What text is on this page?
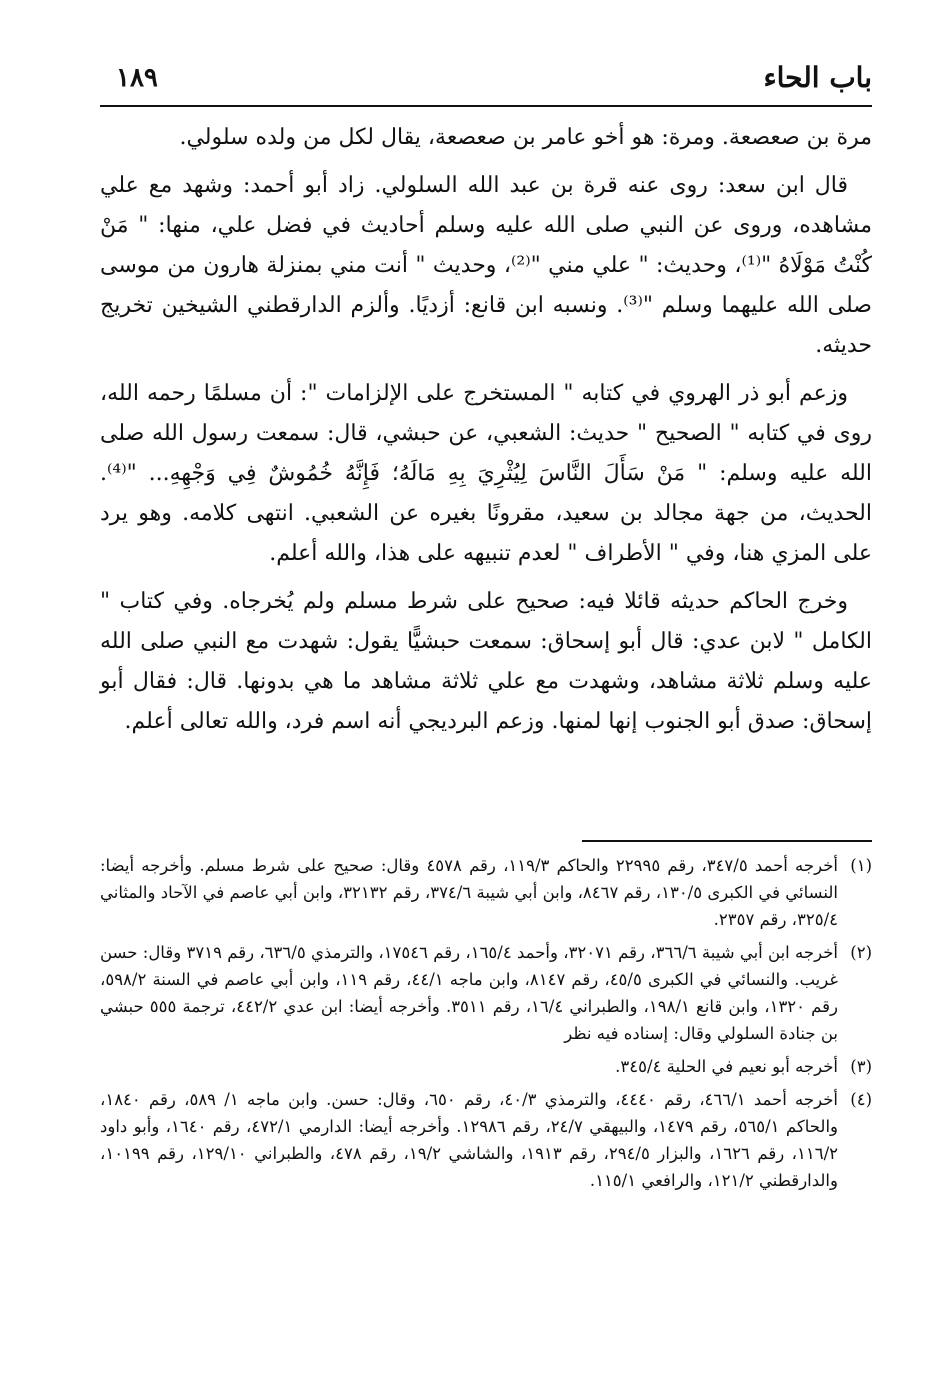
باب الحاء
١٨٩

مرة بن صعصعة. ومرة: هو أخو عامر بن صعصعة، يقال لكل من ولده سلولي.

قال ابن سعد: روى عنه قرة بن عبد الله السلولي. زاد أبو أحمد: وشهد مع علي مشاهده، وروى عن النبي صلى الله عليه وسلم أحاديث في فضل علي، منها: " مَنْ كُنْتُ مَوْلَاهُ "⁽¹⁾، وحديث: " علي مني "⁽²⁾، وحديث " أنت مني بمنزلة هارون من موسى صلى الله عليهما وسلم "⁽³⁾. ونسبه ابن قانع: أزديًا. وألزم الدارقطني الشيخين تخريج حديثه.

وزعم أبو ذر الهروي في كتابه " المستخرج على الإلزامات ": أن مسلمًا رحمه الله، روى في كتابه " الصحيح " حديث: الشعبي، عن حبشي، قال: سمعت رسول الله صلى الله عليه وسلم: " مَنْ سَأَلَ النَّاسَ لِيُثْرِيَ بِهِ مَالَهُ؛ فَإِنَّهُ خُمُوشٌ فِي وَجْهِهِ... "⁽⁴⁾. الحديث، من جهة مجالد بن سعيد، مقرونًا بغيره عن الشعبي. انتهى كلامه. وهو يرد على المزي هنا، وفي " الأطراف " لعدم تنبيهه على هذا، والله أعلم.

وخرج الحاكم حديثه قائلا فيه: صحيح على شرط مسلم ولم يُخرجاه. وفي كتاب " الكامل " لابن عدي: قال أبو إسحاق: سمعت حبشيًّا يقول: شهدت مع النبي صلى الله عليه وسلم ثلاثة مشاهد، وشهدت مع علي ثلاثة مشاهد ما هي بدونها. قال: فقال أبو إسحاق: صدق أبو الجنوب إنها لمنها. وزعم البرديجي أنه اسم فرد، والله تعالى أعلم.

(١)
أخرجه أحمد ٣٤٧/٥، رقم ٢٢٩٩٥ والحاكم ١١٩/٣، رقم ٤٥٧٨ وقال: صحيح على شرط مسلم. وأخرجه أيضا: النسائي في الكبرى ١٣٠/٥، رقم ٨٤٦٧، وابن أبي شيبة ٣٧٤/٦، رقم ٣٢١٣٢، وابن أبي عاصم في الآحاد والمثاني ٣٢٥/٤، رقم ٢٣٥٧.
(٢)
أخرجه ابن أبي شيبة ٣٦٦/٦، رقم ٣٢٠٧١، وأحمد ١٦٥/٤، رقم ١٧٥٤٦، والترمذي ٦٣٦/٥، رقم ٣٧١٩ وقال: حسن غريب. والنسائي في الكبرى ٤٥/٥، رقم ٨١٤٧، وابن ماجه ٤٤/١، رقم ١١٩، وابن أبي عاصم في السنة ٥٩٨/٢، رقم ١٣٢٠، وابن قانع ١٩٨/١، والطبراني ١٦/٤، رقم ٣٥١١. وأخرجه أيضا: ابن عدي ٤٤٢/٢، ترجمة ٥٥٥ حبشي بن جنادة السلولي وقال: إسناده فيه نظر
(٣)
أخرجه أبو نعيم في الحلية ٣٤٥/٤.
(٤)
أخرجه أحمد ٤٦٦/١، رقم ٤٤٤٠، والترمذي ٤٠/٣، رقم ٦٥٠، وقال: حسن. وابن ماجه ١/ ٥٨٩، رقم ١٨٤٠، والحاكم ٥٦٥/١، رقم ١٤٧٩، والبيهقي ٢٤/٧، رقم ١٢٩٨٦. وأخرجه أيضا: الدارمي ٤٧٢/١، رقم ١٦٤٠، وأبو داود ١١٦/٢، رقم ١٦٢٦، والبزار ٢٩٤/٥، رقم ١٩١٣، والشاشي ١٩/٢، رقم ٤٧٨، والطبراني ١٢٩/١٠، رقم ١٠١٩٩، والدارقطني ١٢١/٢، والرافعي ١١٥/١.
